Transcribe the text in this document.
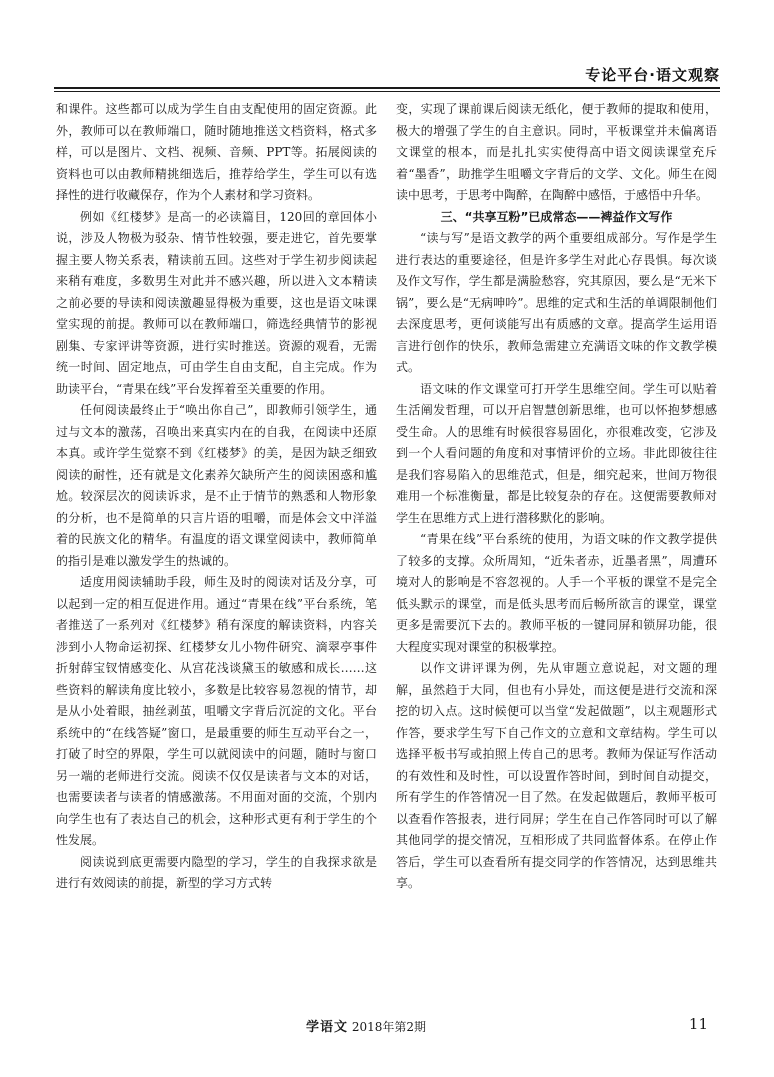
专论平台·语文观察

和课件。这些都可以成为学生自由支配使用的固定资源。此外，教师可以在教师端口，随时随地推送文档资料，格式多样，可以是图片、文档、视频、音频、PPT等。拓展阅读的资料也可以由教师精挑细选后，推荐给学生，学生可以有选择性的进行收藏保存，作为个人素材和学习资料。

例如《红楼梦》是高一的必读篇目，120回的章回体小说，涉及人物极为驳杂、情节性较强，要走进它，首先要掌握主要人物关系表，精读前五回。这些对于学生初步阅读起来稍有难度，多数男生对此并不感兴趣，所以进入文本精读之前必要的导读和阅读激趣显得极为重要，这也是语文味课堂实现的前提。教师可以在教师端口，筛选经典情节的影视剧集、专家评讲等资源，进行实时推送。资源的观看，无需统一时间、固定地点，可由学生自由支配，自主完成。作为助读平台，“青果在线”平台发挥着至关重要的作用。

任何阅读最终止于“唤出你自己”，即教师引领学生，通过与文本的激荡，召唤出来真实内在的自我，在阅读中还原本真。或许学生觉察不到《红楼梦》的美，是因为缺乏细致阅读的耐性，还有就是文化素养欠缺所产生的阅读困惑和尴尬。较深层次的阅读诉求，是不止于情节的熟悉和人物形象的分析，也不是简单的只言片语的咀嚼，而是体会文中洋溢着的民族文化的精华。有温度的语文课堂阅读中，教师简单的指引是难以激发学生的热诚的。

适度用阅读辅助手段，师生及时的阅读对话及分享，可以起到一定的相互促进作用。通过“青果在线”平台系统，笔者推送了一系列对《红楼梦》稍有深度的解读资料，内容关涉到小人物命运初探、红楼梦女儿小物件研究、滴翠亭事件折射薛宝钗情感变化、从宫花浅谈黛玉的敏感和成长……这些资料的解读角度比较小，多数是比较容易忽视的情节，却是从小处着眼，抽丝剥茧，咀嚼文字背后沉淀的文化。平台系统中的“在线答疑”窗口，是最重要的师生互动平台之一，打破了时空的界限，学生可以就阅读中的问题，随时与窗口另一端的老师进行交流。阅读不仅仅是读者与文本的对话，也需要读者与读者的情感激荡。不用面对面的交流，个别内向学生也有了表达自己的机会，这种形式更有利于学生的个性发展。

阅读说到底更需要内隐型的学习，学生的自我探求欲是进行有效阅读的前提，新型的学习方式转

变，实现了课前课后阅读无纸化，便于教师的提取和使用，极大的增强了学生的自主意识。同时，平板课堂并未偏离语文课堂的根本，而是扎扎实实使得高中语文阅读课堂充斥着“墨香”，助推学生咀嚼文字背后的文学、文化。师生在阅读中思考，于思考中陶醉，在陶醉中感悟，于感悟中升华。

三、“共享互粉”已成常态——裨益作文写作

“读与写”是语文教学的两个重要组成部分。写作是学生进行表达的重要途径，但是许多学生对此心存畏惧。每次谈及作文写作，学生都是满脸愁容，究其原因，要么是“无米下锅”，要么是“无病呻吟”。思维的定式和生活的单调限制他们去深度思考，更何谈能写出有质感的文章。提高学生运用语言进行创作的快乐，教师急需建立充满语文味的作文教学模式。

语文味的作文课堂可打开学生思维空间。学生可以贴着生活阐发哲理，可以开启智慧创新思维，也可以怀抱梦想感受生命。人的思维有时候很容易固化，亦很难改变，它涉及到一个人看问题的角度和对事情评价的立场。非此即彼往往是我们容易陷入的思维范式，但是，细究起来，世间万物很难用一个标准衡量，都是比较复杂的存在。这便需要教师对学生在思维方式上进行潜移默化的影响。

“青果在线”平台系统的使用，为语文味的作文教学提供了较多的支撑。众所周知，“近朱者赤，近墨者黑”，周遭环境对人的影响是不容忽视的。人手一个平板的课堂不是完全低头默示的课堂，而是低头思考而后畅所欲言的课堂，课堂更多是需要沉下去的。教师平板的一键同屏和锁屏功能，很大程度实现对课堂的积极掌控。

以作文讲评课为例，先从审题立意说起，对文题的理解，虽然趋于大同，但也有小异处，而这便是进行交流和深挖的切入点。这时候便可以当堂“发起做题”，以主观题形式作答，要求学生写下自己作文的立意和文章结构。学生可以选择平板书写或拍照上传自己的思考。教师为保证写作活动的有效性和及时性，可以设置作答时间，到时间自动提交，所有学生的作答情况一目了然。在发起做题后，教师平板可以查看作答报表，进行同屏；学生在自己作答同时可以了解其他同学的提交情况，互相形成了共同监督体系。在停止作答后，学生可以查看所有提交同学的作答情况，达到思维共享。

学语文 2018年第2期	11
